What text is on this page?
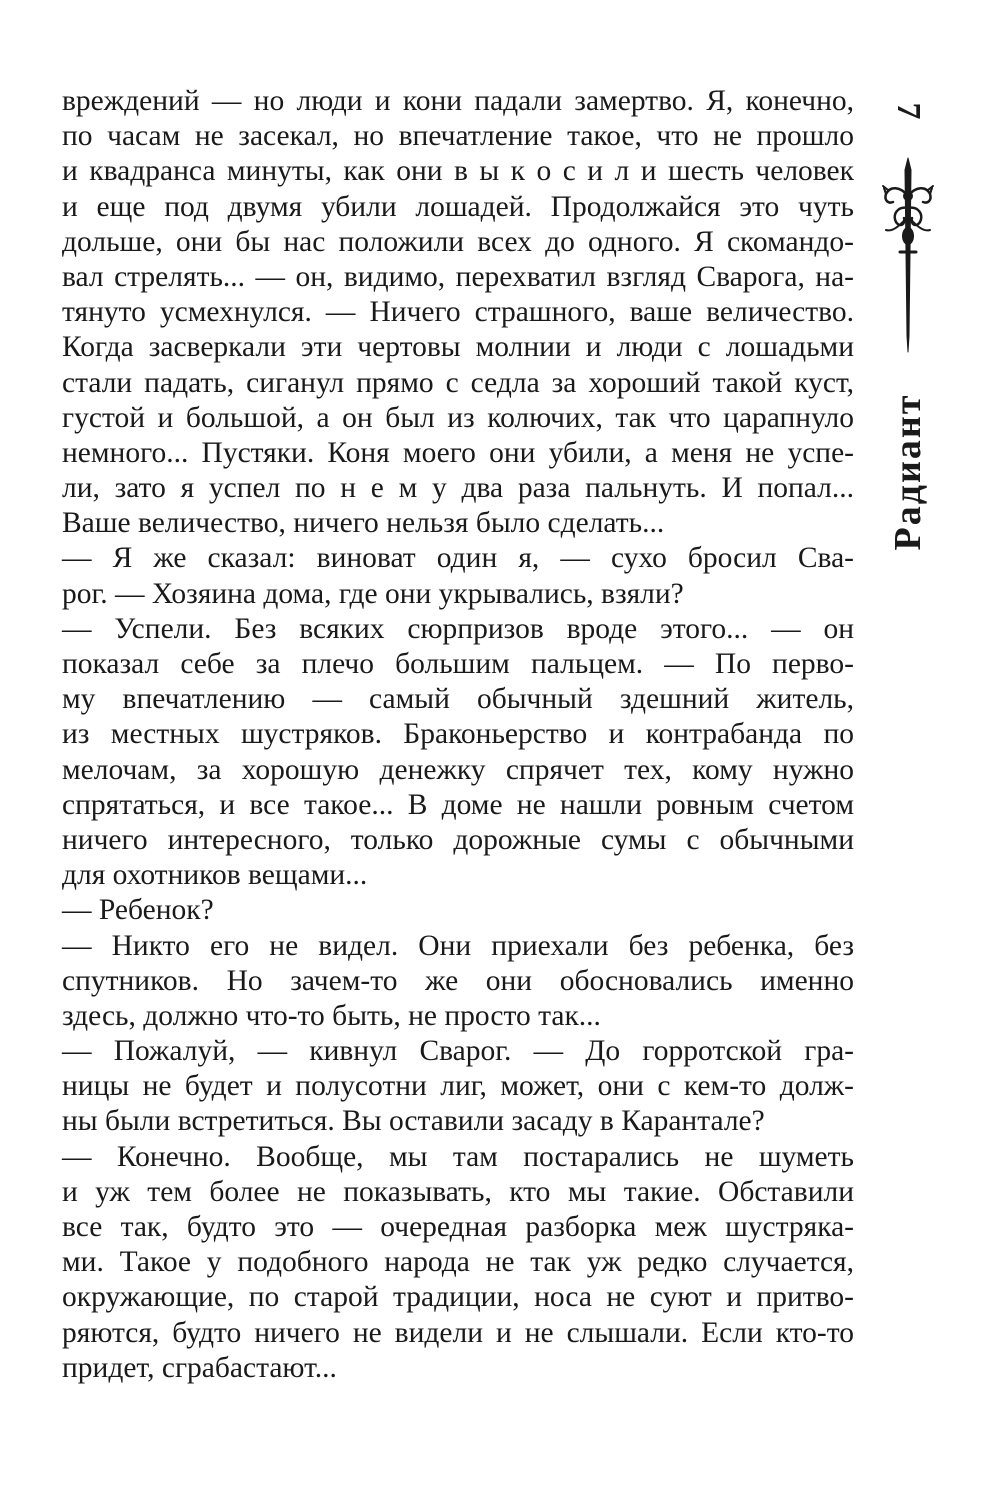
вреждений — но люди и кони падали замертво. Я, конечно,
по часам не засекал, но впечатление такое, что не прошло
и квадранса минуты, как они в ы к о с и л и шесть человек
и еще под двумя убили лошадей. Продолжайся это чуть
дольше, они бы нас положили всех до одного. Я скомандо-
вал стрелять... — он, видимо, перехватил взгляд Сварога, на-
тянуто усмехнулся. — Ничего страшного, ваше величество.
Когда засверкали эти чертовы молнии и люди с лошадьми
стали падать, сиганул прямо с седла за хороший такой куст,
густой и большой, а он был из колючих, так что царапнуло
немного... Пустяки. Коня моего они убили, а меня не успе-
ли, зато я успел по н е м у два раза пальнуть. И попал...
Ваше величество, ничего нельзя было сделать...
— Я же сказал: виноват один я, — сухо бросил Сва-
рог. — Хозяина дома, где они укрывались, взяли?
— Успели. Без всяких сюрпризов вроде этого... — он
показал себе за плечо большим пальцем. — По перво-
му впечатлению — самый обычный здешний житель,
из местных шустряков. Браконьерство и контрабанда по
мелочам, за хорошую денежку спрячет тех, кому нужно
спрятаться, и все такое... В доме не нашли ровным счетом
ничего интересного, только дорожные сумы с обычными
для охотников вещами...
— Ребенок?
— Никто его не видел. Они приехали без ребенка, без
спутников. Но зачем-то же они обосновались именно
здесь, должно что-то быть, не просто так...
— Пожалуй, — кивнул Сварог. — До горротской гра-
ницы не будет и полусотни лиг, может, они с кем-то долж-
ны были встретиться. Вы оставили засаду в Карантале?
— Конечно. Вообще, мы там постарались не шуметь
и уж тем более не показывать, кто мы такие. Обставили
все так, будто это — очередная разборка меж шустряка-
ми. Такое у подобного народа не так уж редко случается,
окружающие, по старой традиции, носа не суют и притво-
ряются, будто ничего не видели и не слышали. Если кто-то
придет, сграбастают...
7
Радиант
